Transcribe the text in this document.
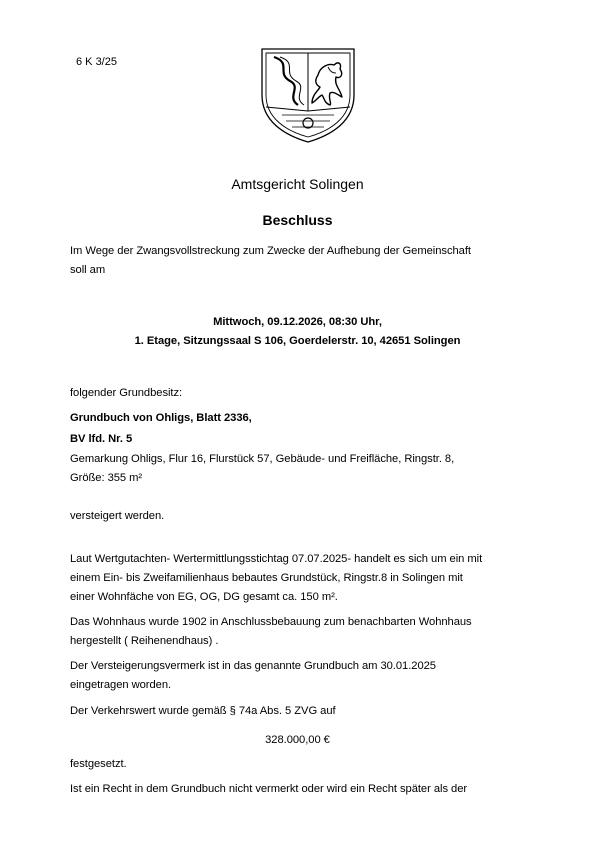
6 K 3/25
Amtsgericht Solingen
Beschluss
Im Wege der Zwangsvollstreckung zum Zwecke der Aufhebung der Gemeinschaft
soll am
Mittwoch, 09.12.2026, 08:30 Uhr,
1. Etage, Sitzungssaal S 106, Goerdelerstr. 10, 42651 Solingen
folgender Grundbesitz:
Grundbuch von Ohligs, Blatt 2336,
BV lfd. Nr. 5
Gemarkung Ohligs, Flur 16, Flurstück 57, Gebäude- und Freifläche, Ringstr. 8,
Größe: 355 m²
versteigert werden.
Laut Wertgutachten- Wertermittlungsstichtag 07.07.2025- handelt es sich um ein mit
einem Ein- bis Zweifamilienhaus bebautes Grundstück, Ringstr.8 in Solingen mit
einer Wohnfäche von EG, OG, DG gesamt ca. 150 m².
Das Wohnhaus wurde 1902 in Anschlussbebauung zum benachbarten Wohnhaus
hergestellt ( Reihenendhaus) .
Der Versteigerungsvermerk ist in das genannte Grundbuch am 30.01.2025
eingetragen worden.
Der Verkehrswert wurde gemäß § 74a Abs. 5 ZVG auf
328.000,00 €
festgesetzt.
Ist ein Recht in dem Grundbuch nicht vermerkt oder wird ein Recht später als der
